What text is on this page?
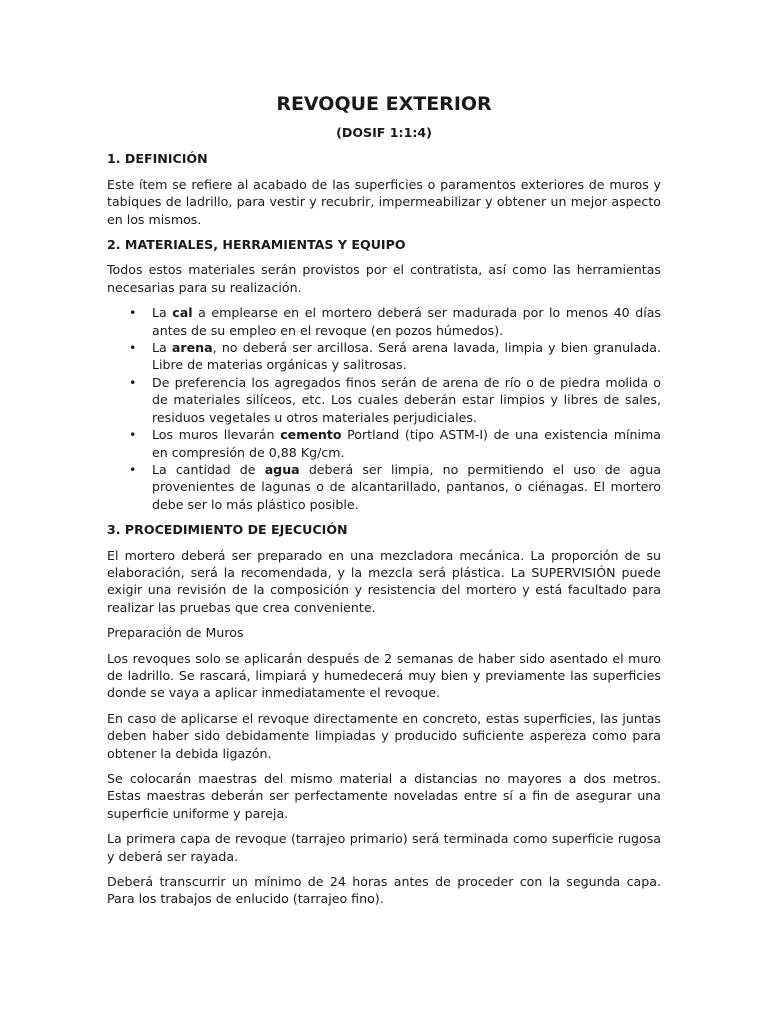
REVOQUE EXTERIOR
(DOSIF 1:1:4)
1. DEFINICIÓN

Este ítem se refiere al acabado de las superficies o paramentos exteriores de muros y tabiques de ladrillo, para vestir y recubrir, impermeabilizar y obtener un mejor aspecto en los mismos.

2. MATERIALES, HERRAMIENTAS Y EQUIPO

Todos estos materiales serán provistos por el contratista, así como las herramientas necesarias para su realización.

• La cal a emplearse en el mortero deberá ser madurada por lo menos 40 días antes de su empleo en el revoque (en pozos húmedos).
• La arena, no deberá ser arcillosa. Será arena lavada, limpia y bien granulada. Libre de materias orgánicas y salitrosas.
• De preferencia los agregados finos serán de arena de río o de piedra molida o de materiales silíceos, etc. Los cuales deberán estar limpios y libres de sales, residuos vegetales u otros materiales perjudiciales.
• Los muros llevarán cemento Portland (tipo ASTM-I) de una existencia mínima en compresión de 0,88 Kg/cm.
• La cantidad de agua deberá ser limpia, no permitiendo el uso de agua provenientes de lagunas o de alcantarillado, pantanos, o ciénagas. El mortero debe ser lo más plástico posible.
3. PROCEDIMIENTO DE EJECUCIÓN

El mortero deberá ser preparado en una mezcladora mecánica. La proporción de su elaboración, será la recomendada, y la mezcla será plástica. La SUPERVISIÓN puede exigir una revisión de la composición y resistencia del mortero y está facultado para realizar las pruebas que crea conveniente.

Preparación de Muros

Los revoques solo se aplicarán después de 2 semanas de haber sido asentado el muro de ladrillo. Se rascará, limpiará y humedecerá muy bien y previamente las superficies donde se vaya a aplicar inmediatamente el revoque.

En caso de aplicarse el revoque directamente en concreto, estas superficies, las juntas deben haber sido debidamente limpiadas y producido suficiente aspereza como para obtener la debida ligazón.

Se colocarán maestras del mismo material a distancias no mayores a dos metros. Estas maestras deberán ser perfectamente noveladas entre sí a fin de asegurar una superficie uniforme y pareja.

La primera capa de revoque (tarrajeo primario) será terminada como superficie rugosa y deberá ser rayada.

Deberá transcurrir un mínimo de 24 horas antes de proceder con la segunda capa. Para los trabajos de enlucido (tarrajeo fino).
